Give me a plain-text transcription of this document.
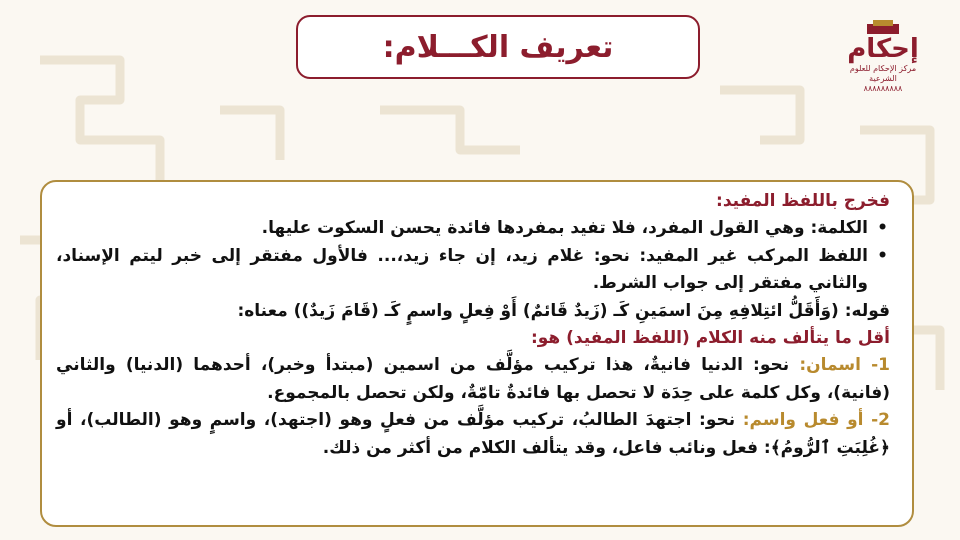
تعريف الكـــلام:	إحكام
مركز الإحكام للعلوم الشرعية
٨٨٨٨٨٨٨٨٨

فخرج باللفظ المفيد:

• الكلمة: وهي القول المفرد، فلا تفيد بمفردها فائدة يحسن السكوت عليها.

• اللفظ المركب غير المفيد: نحو: غلام زيد، إن جاء زيد،... فالأول مفتقر إلى خبر ليتم الإسناد، والثاني مفتقر إلى جواب الشرط.

قوله: (وَأَقَلُّ ائتِلافِهِ مِنَ اسمَينِ كَـ (زَيدٌ قَائمٌ) أَوْ فِعلٍ واسمٍ كَـ (قَامَ زَيدٌ)) معناه:

أقل ما يتألف منه الكلام (اللفظ المفيد) هو:

1- اسمان: نحو: الدنيا فانيةٌ، هذا تركيب مؤلَّف من اسمين (مبتدأ وخبر)، أحدهما (الدنيا) والثاني (فانية)، وكل كلمة على حِدَة لا تحصل بها فائدةٌ تامّةٌ، ولكن تحصل بالمجموع.

2- أو فعل واسم: نحو: اجتهدَ الطالبُ، تركيب مؤلَّف من فعلٍ وهو (اجتهد)، واسمٍ وهو (الطالب)، أو ﴿غُلِبَتِ ٱلرُّومُ﴾: فعل ونائب فاعل، وقد يتألف الكلام من أكثر من ذلك.
